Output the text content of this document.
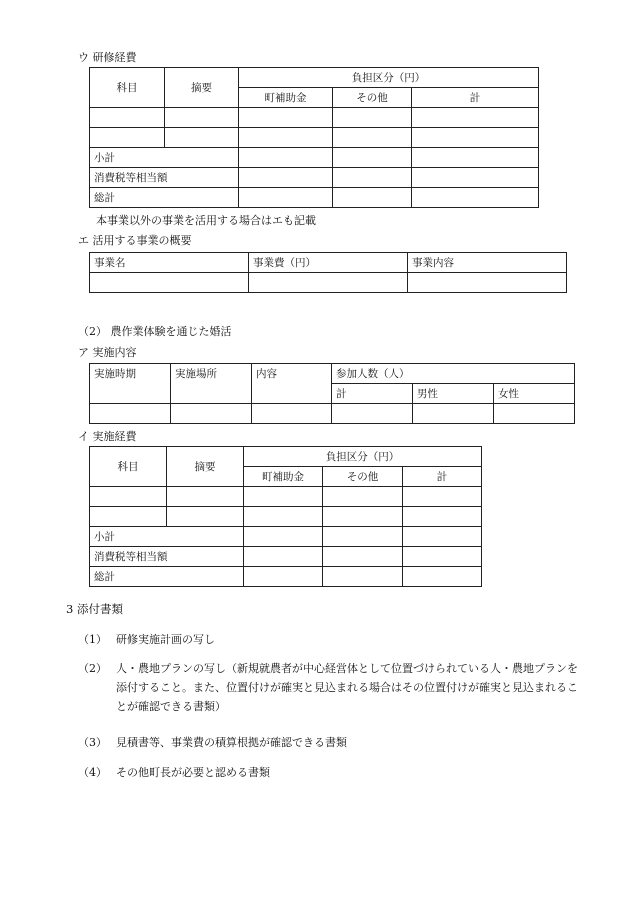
ウ 研修経費
科目	摘要	負担区分（円）		
		町補助金	その他	計

小計				
消費税等相当額				
総計				
本事業以外の事業を活用する場合はエも記載
エ 活用する事業の概要
事業名	事業費（円）	事業内容

（2） 農作業体験を通じた婚活
ア 実施内容
実施時期	実施場所	内容	参加人数（人）		
			計	男性	女性

イ 実施経費
科目	摘要	負担区分（円）		
		町補助金	その他	計

小計				
消費税等相当額				
総計				
3 添付書類
（1） 研修実施計画の写し
（2） 人・農地プランの写し（新規就農者が中心経営体として位置づけられている人・農地プランを添付すること。また、位置付けが確実と見込まれる場合はその位置付けが確実と見込まれることが確認できる書類）
（3） 見積書等、事業費の積算根拠が確認できる書類
（4） その他町長が必要と認める書類
